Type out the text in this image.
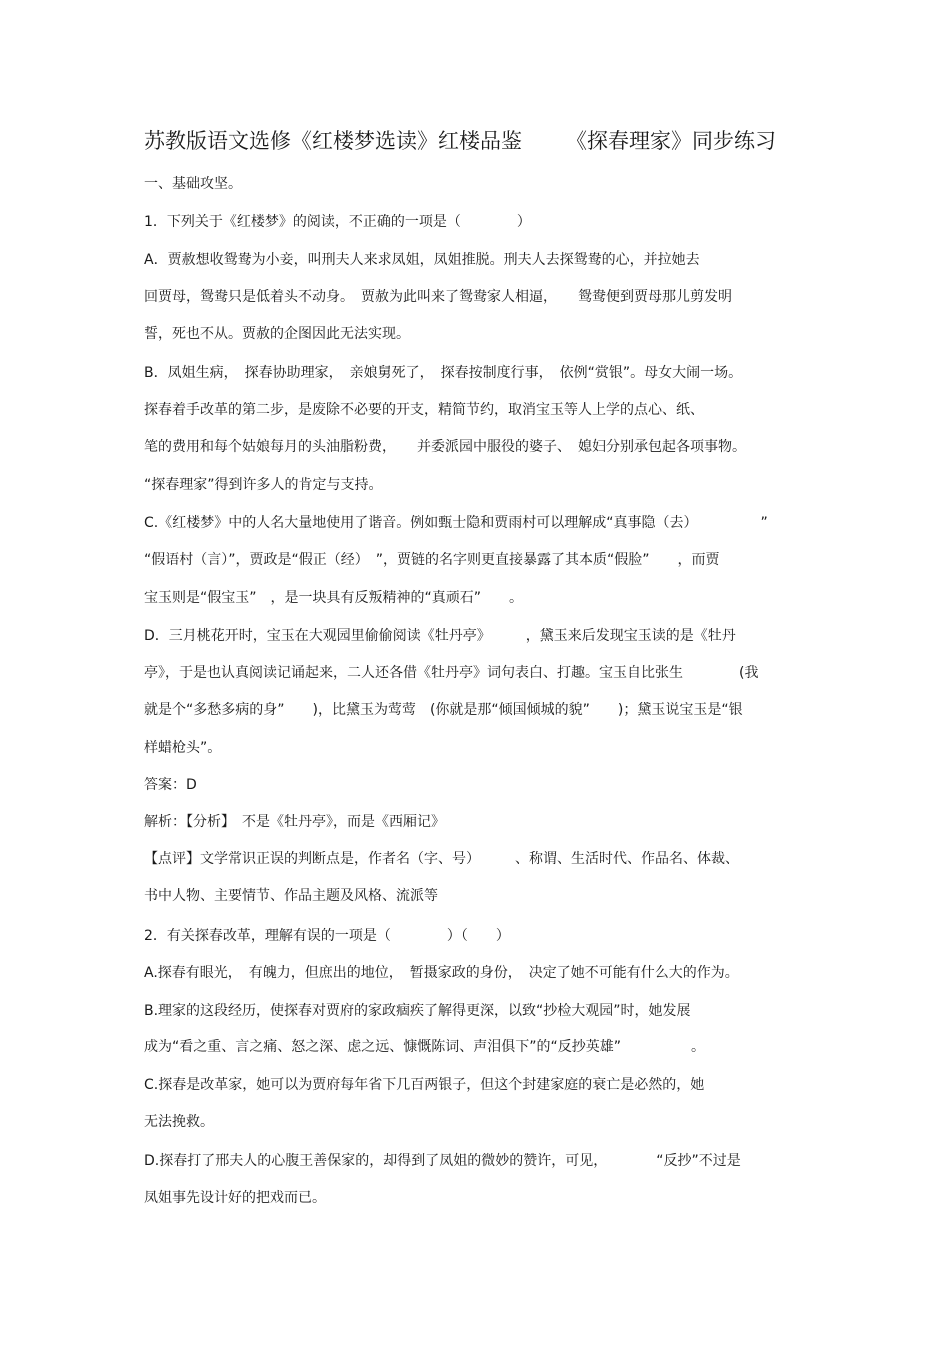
苏教版语文选修《红楼梦选读》红楼品鉴 《探春理家》同步练习
一、基础攻坚。
1．下列关于《红楼梦》的阅读，不正确的一项是（　　　　）
A．贾赦想收鸳鸯为小妾，叫刑夫人来求凤姐，凤姐推脱。刑夫人去探鸳鸯的心，并拉她去
回贾母，鸳鸯只是低着头不动身。　贾赦为此叫来了鸳鸯家人相逼，　　鸳鸯便到贾母那儿剪发明
誓，死也不从。贾赦的企图因此无法实现。
B．凤姐生病，　探春协助理家，　亲娘舅死了，　探春按制度行事，　依例“赏银”。母女大闹一场。
探春着手改革的第二步，是废除不必要的开支，精简节约，取消宝玉等人上学的点心、纸、
笔的费用和每个姑娘每月的头油脂粉费，　　并委派园中服役的婆子、　媳妇分别承包起各项事物。
“探春理家”得到许多人的肯定与支持。
C.《红楼梦》中的人名大量地使用了谐音。例如甄士隐和贾雨村可以理解成“真事隐（去）　　　　　”
“假语村（言）”，贾政是“假正（经）　”，贾链的名字则更直接暴露了其本质“假脸”　　，而贾
宝玉则是“假宝玉”　，是一块具有反叛精神的“真顽石”　　。
D．三月桃花开时，宝玉在大观园里偷偷阅读《牡丹亭》　　　，黛玉来后发现宝玉读的是《牡丹
亭》，于是也认真阅读记诵起来，二人还各借《牡丹亭》词句表白、打趣。宝玉自比张生　　　　(我
就是个“多愁多病的身”　　)，比黛玉为莺莺　(你就是那“倾国倾城的貌”　　)；黛玉说宝玉是“银
样蜡枪头”。
答案：D
解析：【分析】　不是《牡丹亭》，而是《西厢记》
【点评】文学常识正误的判断点是，作者名（字、号）　　　、称谓、生活时代、作品名、体裁、
书中人物、主要情节、作品主题及风格、流派等
2．有关探春改革，理解有误的一项是（　　　　）（　　）
A.探春有眼光，　有魄力，但庶出的地位，　暂摄家政的身份，　决定了她不可能有什么大的作为。
B.理家的这段经历，使探春对贾府的家政痼疾了解得更深，以致“抄检大观园”时，她发展
成为“看之重、言之痛、怒之深、虑之远、慷慨陈词、声泪俱下”的“反抄英雄”　　　　　。
C.探春是改革家，她可以为贾府每年省下几百两银子，但这个封建家庭的衰亡是必然的，她
无法挽救。
D.探春打了邢夫人的心腹王善保家的，却得到了凤姐的微妙的赞许，可见，　　　　“反抄”不过是
凤姐事先设计好的把戏而已。
